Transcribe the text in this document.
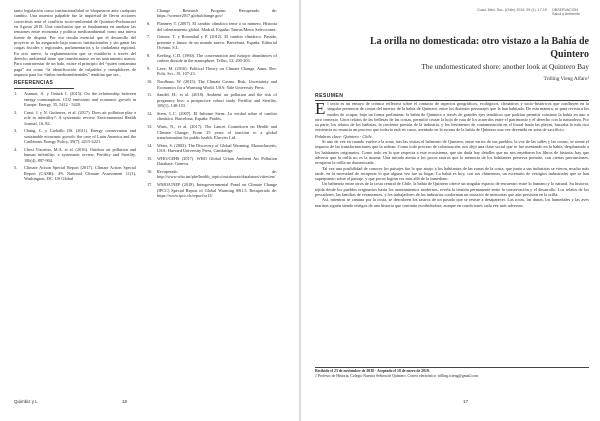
tanto legislación como institucionalidad se bloquearon ante cualquier cambio. Una muestra palpable fue la inquietud de llevar acciones correctivas ante el conflicto socio-ambiental de Quintero-Puchuncaví en Agosto 2018. Una conclusión que se fundamenta en analizar las tensiones entre economía y política medioambiental como una nueva fuente de disputa. Por eso resulta esencial que el desarrollo del proyecto se ha asegurado bajo marcos institucionales y sin ganar las cargas fiscales y regionales, parlamentarios y la ciudadanía regional. En otro nuevo, la reglamentación que se establecía a través del derecho ambiental tiene que transformarse en un instrumento menor. Para contrarrestar de un lado, existe el principio del “quien contamina paga” así como “la identificación de culpables y cumplidores de impacto para los “daños medioambientales” tendrían que ser...

REFERENCIAS
1. Asamoi, A. y Ozturk I. (2015). On the relationship between energy consumption, CO2 emissions and economic growth in Europe. Energy, 35, 5412 - 5420.
2. Cassi, J. y N. Gutierrez, et al. (2017). Does air pollution play a role in infertility?: A systematic review. Environmental Health Journal, 16, 82.
3. Chang, C. y Carballo (IS. (2011). Energy conservation and sustainable economic growth: the case of Latin America and the Caribbean. Energy Policy, 39(7), 4215-4221.
4. Chesi Vizcaíno, M.A. et al. (2016). Outdoor air pollution and human infertility: a systematic review. Fertility and Sterility, 106(4), 897-904.
5. Climate Action Special Report (2017). Climate Action Special Report (CASR): 4% National Climate Assessment 11(1), Washington, DC: US Global
Change Research Program. Recuperado de: https://science2017.globalchange.gov/
6. Flannery T. (2007). El cambio climático teme a su número. Historia del calentamiento global. Madrid, España: Taurus/Metro Selecciones.
7. Gómez, T. y Rosenthal y P. (2012). El cambio climático. Pasado, presente y futuro de un mundo nuevo. Barcelona, España: Editorial Océano, S.L.
8. Keeling, C.D. (1960). The concentration and isotopic abundances of carbon dioxide in the atmosphere. Tellus, 12, 200-203.
9. Lave, M. (2016). Political Theory on Climate Change. Annu. Rev. Polit. Sci., 19, 107-23.
10. Nordhaus, W. (2015). The Climate Casino. Risk, Uncertainty and Economics for a Warming World. USA: Yale University Press.
11. Sandel, H., et al. (2018). Ambient air pollution and the risk of pregnancy loss: a prospective cohort study. Fertility and Sterility, 109(1), 148-153.
12. Stern, L.C. (2007). El Informe Stern: La verdad sobre el cambio climático. Barcelona, España: Paidós.
13. Watts, N., et al. (2017). The Lancet Countdown on Health and Climate Change: From 25 years of inaction to a global transformation for public health. Elsevier Ltd.
14. Weart, S. (2003). The Discovery of Global Warming. Massachusetts, USA: Harvard University Press, Cambridge.
15. WHO/CEHS (2017). WHO Global Urban Ambient Air Pollution Database. Geneva.
16. Recuperado de: http://www.who.int/phe/health_topics/outdoorair/databases/cities/en/
17. WMO/UNEP (2018). Intergovernmental Panel on Climate Change (IPCC) Special Report of Global Warming SR1.5. Recuperado de: https://www.ipcc.ch/report/sr15/
Quimbiz y L	16
Cuad. Méd. Soc. (Chile) 2019, 59 (1): 17-19 OBSERVACIÓN
Salud y Ambiente
La orilla no domesticada: otro vistazo a la Bahía de Quintero
The undomesticated shore: another look at Quintero Bay
Trilling Vieng Alfaro¹
RESUMEN

El texto es un ensayo de crónica reflexiva sobre el contacto de aspectos geográficos, ecológicos, climáticos y socio-históricos que confluyen en la singular presencia de costas del interior de la bahía de Quintero, entre los distintos personajes que la han habitado. De esta manera, se pasa revista a los modos de ocupar, bajo un forma preliminar, la bahía de Quintero a través de grandes ejes temáticos que podrían permitir construir la bahía en uno u otro contexto. Unos relatos de las bellezas de las costas, permitió cruzar la hoja de ruta de los acuerdos entre el patrimonio y el derecho con la naturaleza. Por su parte, los relatos de los bañistas, la creciente presión de la industria, y los fenómenos de contaminación en el litoral hasta las playas, buscaba la más rica existencia no enuncia un proceso que todavía está en curso, asentado en la escena de la bahía de Quintero una vez devenida en zona de sacrificio.

Palabras clave: Quintero - Chile.

Si uno de vez en cuando vuelve a la zona, tras las visitas al balneario de Quintero, entre varios de sus pueblos, la voz de las calles y las costas, se siente el impacto de las transformaciones que la rodean. Como todo proceso de colonización, nos dejó una clase social que se fue asentando en la bahía, desplazando a los habitantes originarios. Como todo en lo que respecta a este ecosistema, que sin duda hay detalles que no nos enseñaron los libros de historia, hay que advertir que la orilla no es la misma. Una mirada atenta a los pocos rastros que la memoria de los habitantes preserva permite, con ciertas precauciones, recuperar la orilla no domesticada.

Tal vez una posibilidad de conocer los paisajes fue lo que atrajo a los habitantes de las zonas de la costa, que junto a sus industrias se vieron, mucho más tarde, en la necesidad de recuperar lo que alguna vez fue su hogar. La bahía es hoy, con sus chimeneas, un escenario de vestigios industriales que se han superpuesto sobre el paisaje, y que pocos logran ver más allá de lo inmediato.

Un balneario entre otros de la costa central de Chile, la bahía de Quintero ofrece un singular espacio de encuentro entre lo humano y lo natural. Su historia, tejida desde los pueblos originarios hasta los asentamientos modernos, revela la tensión permanente entre la conservación y el desarrollo. Los relatos de los pescadores, las familias de veraneantes, y los trabajadores de las industrias conforman un mosaico de memorias que aún persisten en la orilla.

Así, mientras se camina por la costa, se descubren los rastros de un pasado que se resiste a desaparecer. Las rocas, las dunas, los humedales y las aves marinas siguen siendo testigos de una historia que continúa escribiéndose, aunque en condiciones cada vez más adversas.

Recibido el 23 de noviembre de 2018 · Aceptado el 18 de enero de 2019.

1 Profesor de Historia, Colegio Nuestra Señora de Quintero. Correo electrónico: trilling.wieng@gmail.com

17
